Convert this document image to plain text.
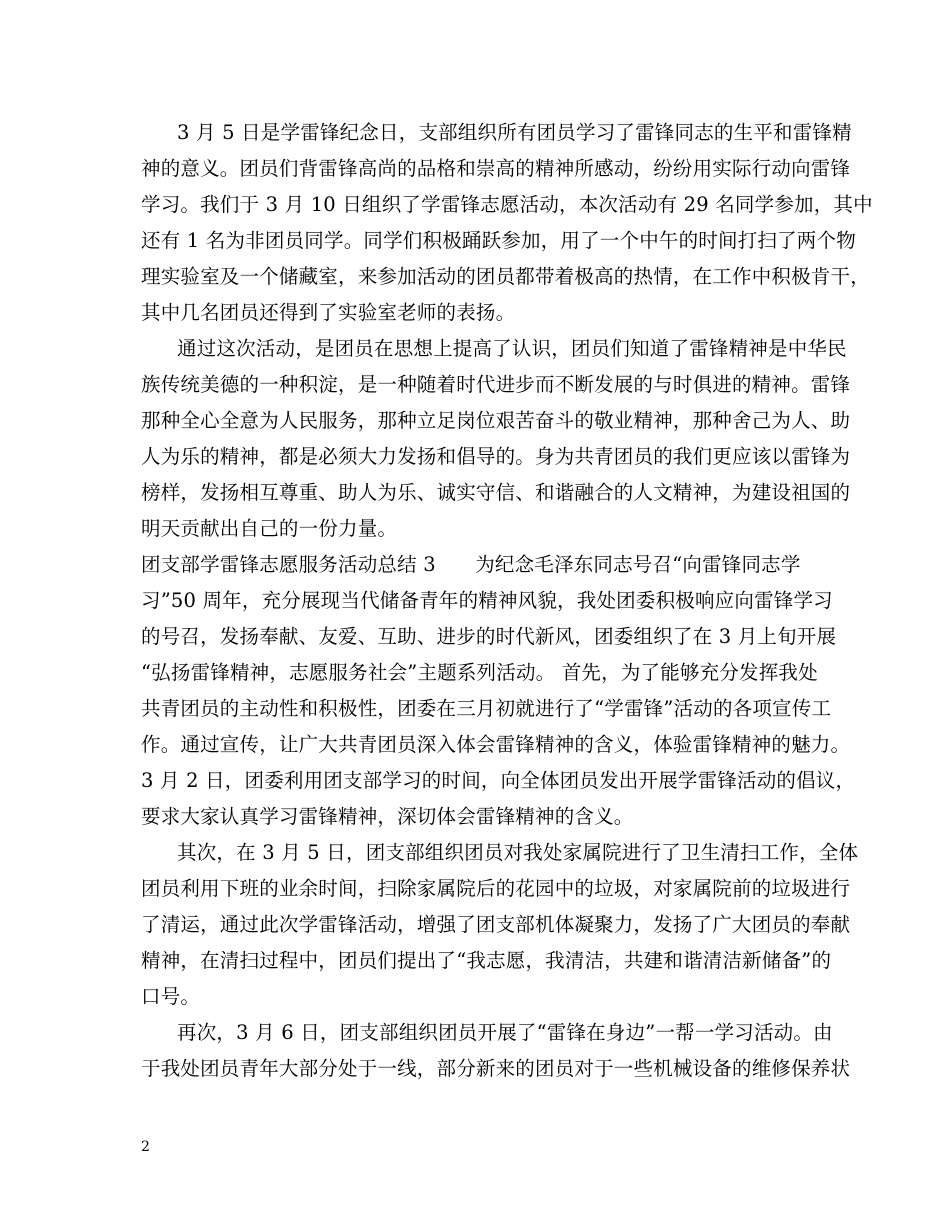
3 月 5 日是学雷锋纪念日，支部组织所有团员学习了雷锋同志的生平和雷锋精
神的意义。团员们背雷锋高尚的品格和崇高的精神所感动，纷纷用实际行动向雷锋
学习。我们于 3 月 10 日组织了学雷锋志愿活动，本次活动有 29 名同学参加，其中
还有 1 名为非团员同学。同学们积极踊跃参加，用了一个中午的时间打扫了两个物
理实验室及一个储藏室，来参加活动的团员都带着极高的热情，在工作中积极肯干，
其中几名团员还得到了实验室老师的表扬。
通过这次活动，是团员在思想上提高了认识，团员们知道了雷锋精神是中华民
族传统美德的一种积淀，是一种随着时代进步而不断发展的与时俱进的精神。雷锋
那种全心全意为人民服务，那种立足岗位艰苦奋斗的敬业精神，那种舍己为人、助
人为乐的精神，都是必须大力发扬和倡导的。身为共青团员的我们更应该以雷锋为
榜样，发扬相互尊重、助人为乐、诚实守信、和谐融合的人文精神，为建设祖国的
明天贡献出自己的一份力量。
团支部学雷锋志愿服务活动总结 3　　为纪念毛泽东同志号召“向雷锋同志学
习”50 周年，充分展现当代储备青年的精神风貌，我处团委积极响应向雷锋学习
的号召，发扬奉献、友爱、互助、进步的时代新风，团委组织了在 3 月上旬开展
“弘扬雷锋精神，志愿服务社会”主题系列活动。 首先，为了能够充分发挥我处
共青团员的主动性和积极性，团委在三月初就进行了“学雷锋”活动的各项宣传工
作。通过宣传，让广大共青团员深入体会雷锋精神的含义，体验雷锋精神的魅力。
3 月 2 日，团委利用团支部学习的时间，向全体团员发出开展学雷锋活动的倡议，
要求大家认真学习雷锋精神，深切体会雷锋精神的含义。
其次，在 3 月 5 日，团支部组织团员对我处家属院进行了卫生清扫工作，全体
团员利用下班的业余时间，扫除家属院后的花园中的垃圾，对家属院前的垃圾进行
了清运，通过此次学雷锋活动，增强了团支部机体凝聚力，发扬了广大团员的奉献
精神，在清扫过程中，团员们提出了“我志愿，我清洁，共建和谐清洁新储备”的
口号。
再次，3 月 6 日，团支部组织团员开展了“雷锋在身边”一帮一学习活动。由
于我处团员青年大部分处于一线，部分新来的团员对于一些机械设备的维修保养状
2
